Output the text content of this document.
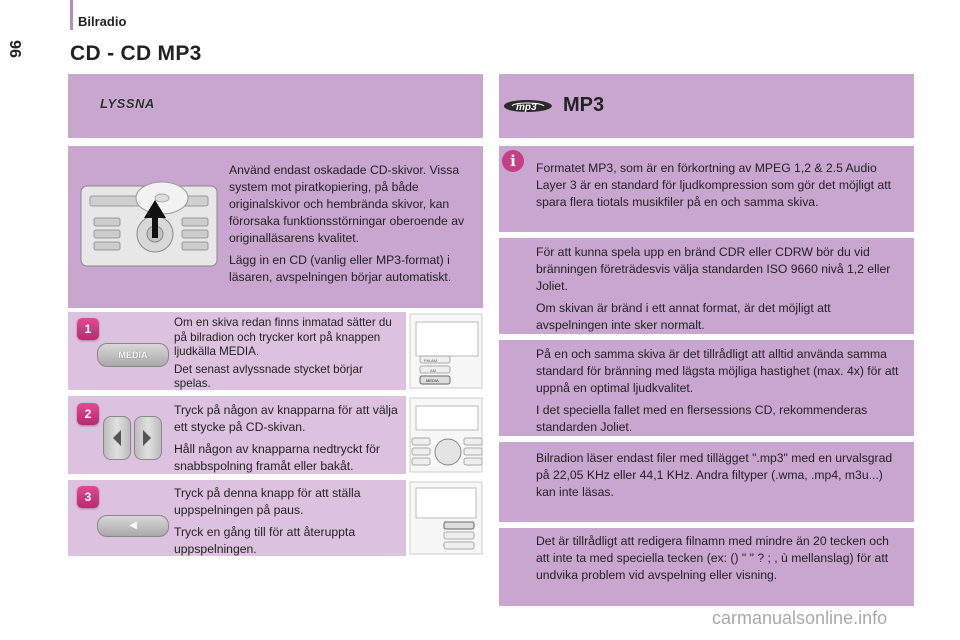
Bilradio
96 CD - CD MP3
LYSSNA

Använd endast oskadade CD-skivor. Vissa system mot piratkopiering, på både originalskivor och hembrända skivor, kan förorsaka funktionsstörningar oberoende av originalläsarens kvalitet.

Lägg in en CD (vanlig eller MP3-format) i läsaren, avspelningen börjar automatiskt.

1
MEDIA

Om en skiva redan finns inmatad sätter du på bilradion och trycker kort på knappen ljudkälla MEDIA.

Det senast avlyssnade stycket börjar spelas.

FM-AM
AM
MEDIA
2	Tryck på någon av knapparna för att välja ett stycke på CD-skivan.

Håll någon av knapparna nedtryckt för snabbspolning framåt eller bakåt.

3
◀

Tryck på denna knapp för att ställa uppspelningen på paus.

Tryck en gång till för att återuppta uppspelningen.

mp3 MP3
i	Formatet MP3, som är en förkortning av MPEG 1,2 & 2.5 Audio Layer 3 är en standard för ljudkompression som gör det möjligt att spara flera tiotals musikfiler på en och samma skiva.

För att kunna spela upp en bränd CDR eller CDRW bör du vid bränningen företrädesvis välja standarden ISO 9660 nivå 1,2 eller Joliet.

Om skivan är bränd i ett annat format, är det möjligt att avspelningen inte sker normalt.

På en och samma skiva är det tillrådligt att alltid använda samma standard för bränning med lägsta möjliga hastighet (max. 4x) för att uppnå en optimal ljudkvalitet.

I det speciella fallet med en flersessions CD, rekommenderas standarden Joliet.

Bilradion läser endast filer med tillägget ".mp3" med en urvalsgrad på 22,05 KHz eller 44,1 KHz. Andra filtyper (.wma, .mp4, m3u...) kan inte läsas.

Det är tillrådligt att redigera filnamn med mindre än 20 tecken och att inte ta med speciella tecken (ex: () " " ? ; , ù mellanslag) för att undvika problem vid avspelning eller visning.

carmanualsonline.info
